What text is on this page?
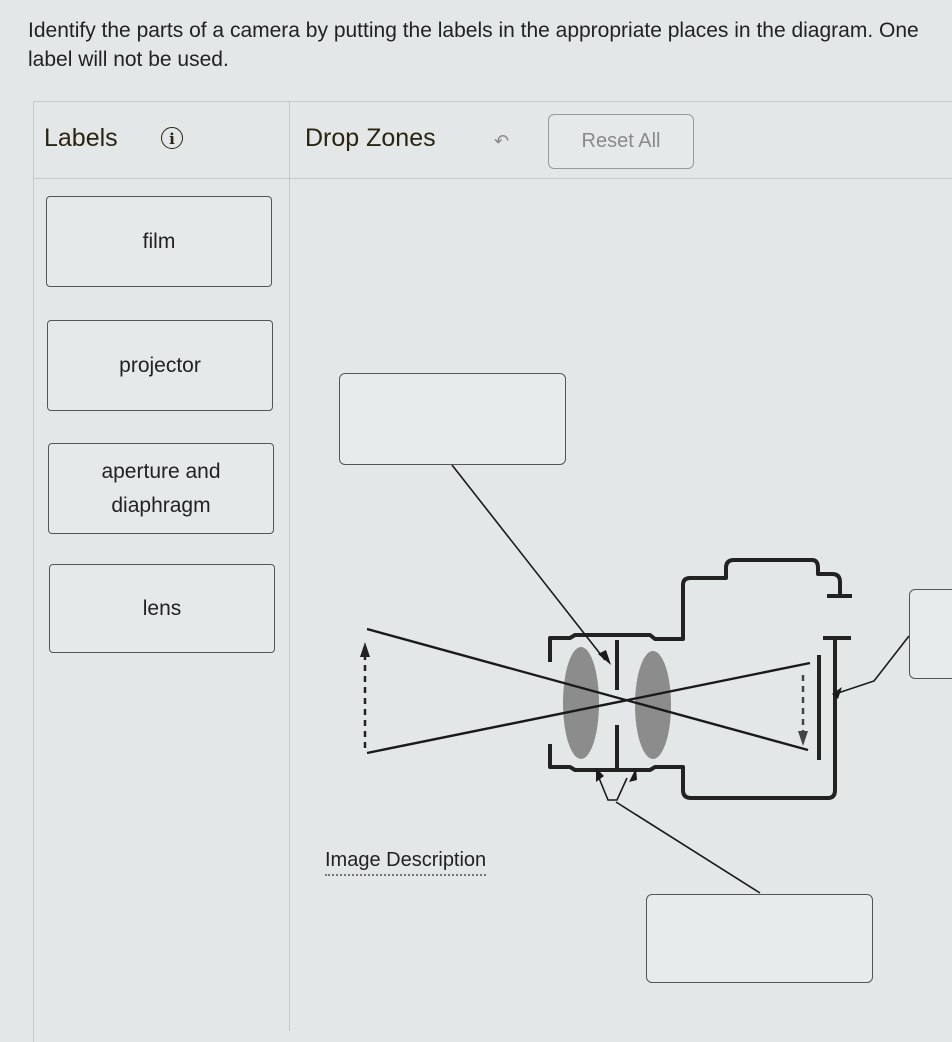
Identify the parts of a camera by putting the labels in the appropriate places in the diagram. One label will not be used.
Labels	i	Drop Zones	↶	Reset All
film
projector
aperture and diaphragm
lens
Image Description
